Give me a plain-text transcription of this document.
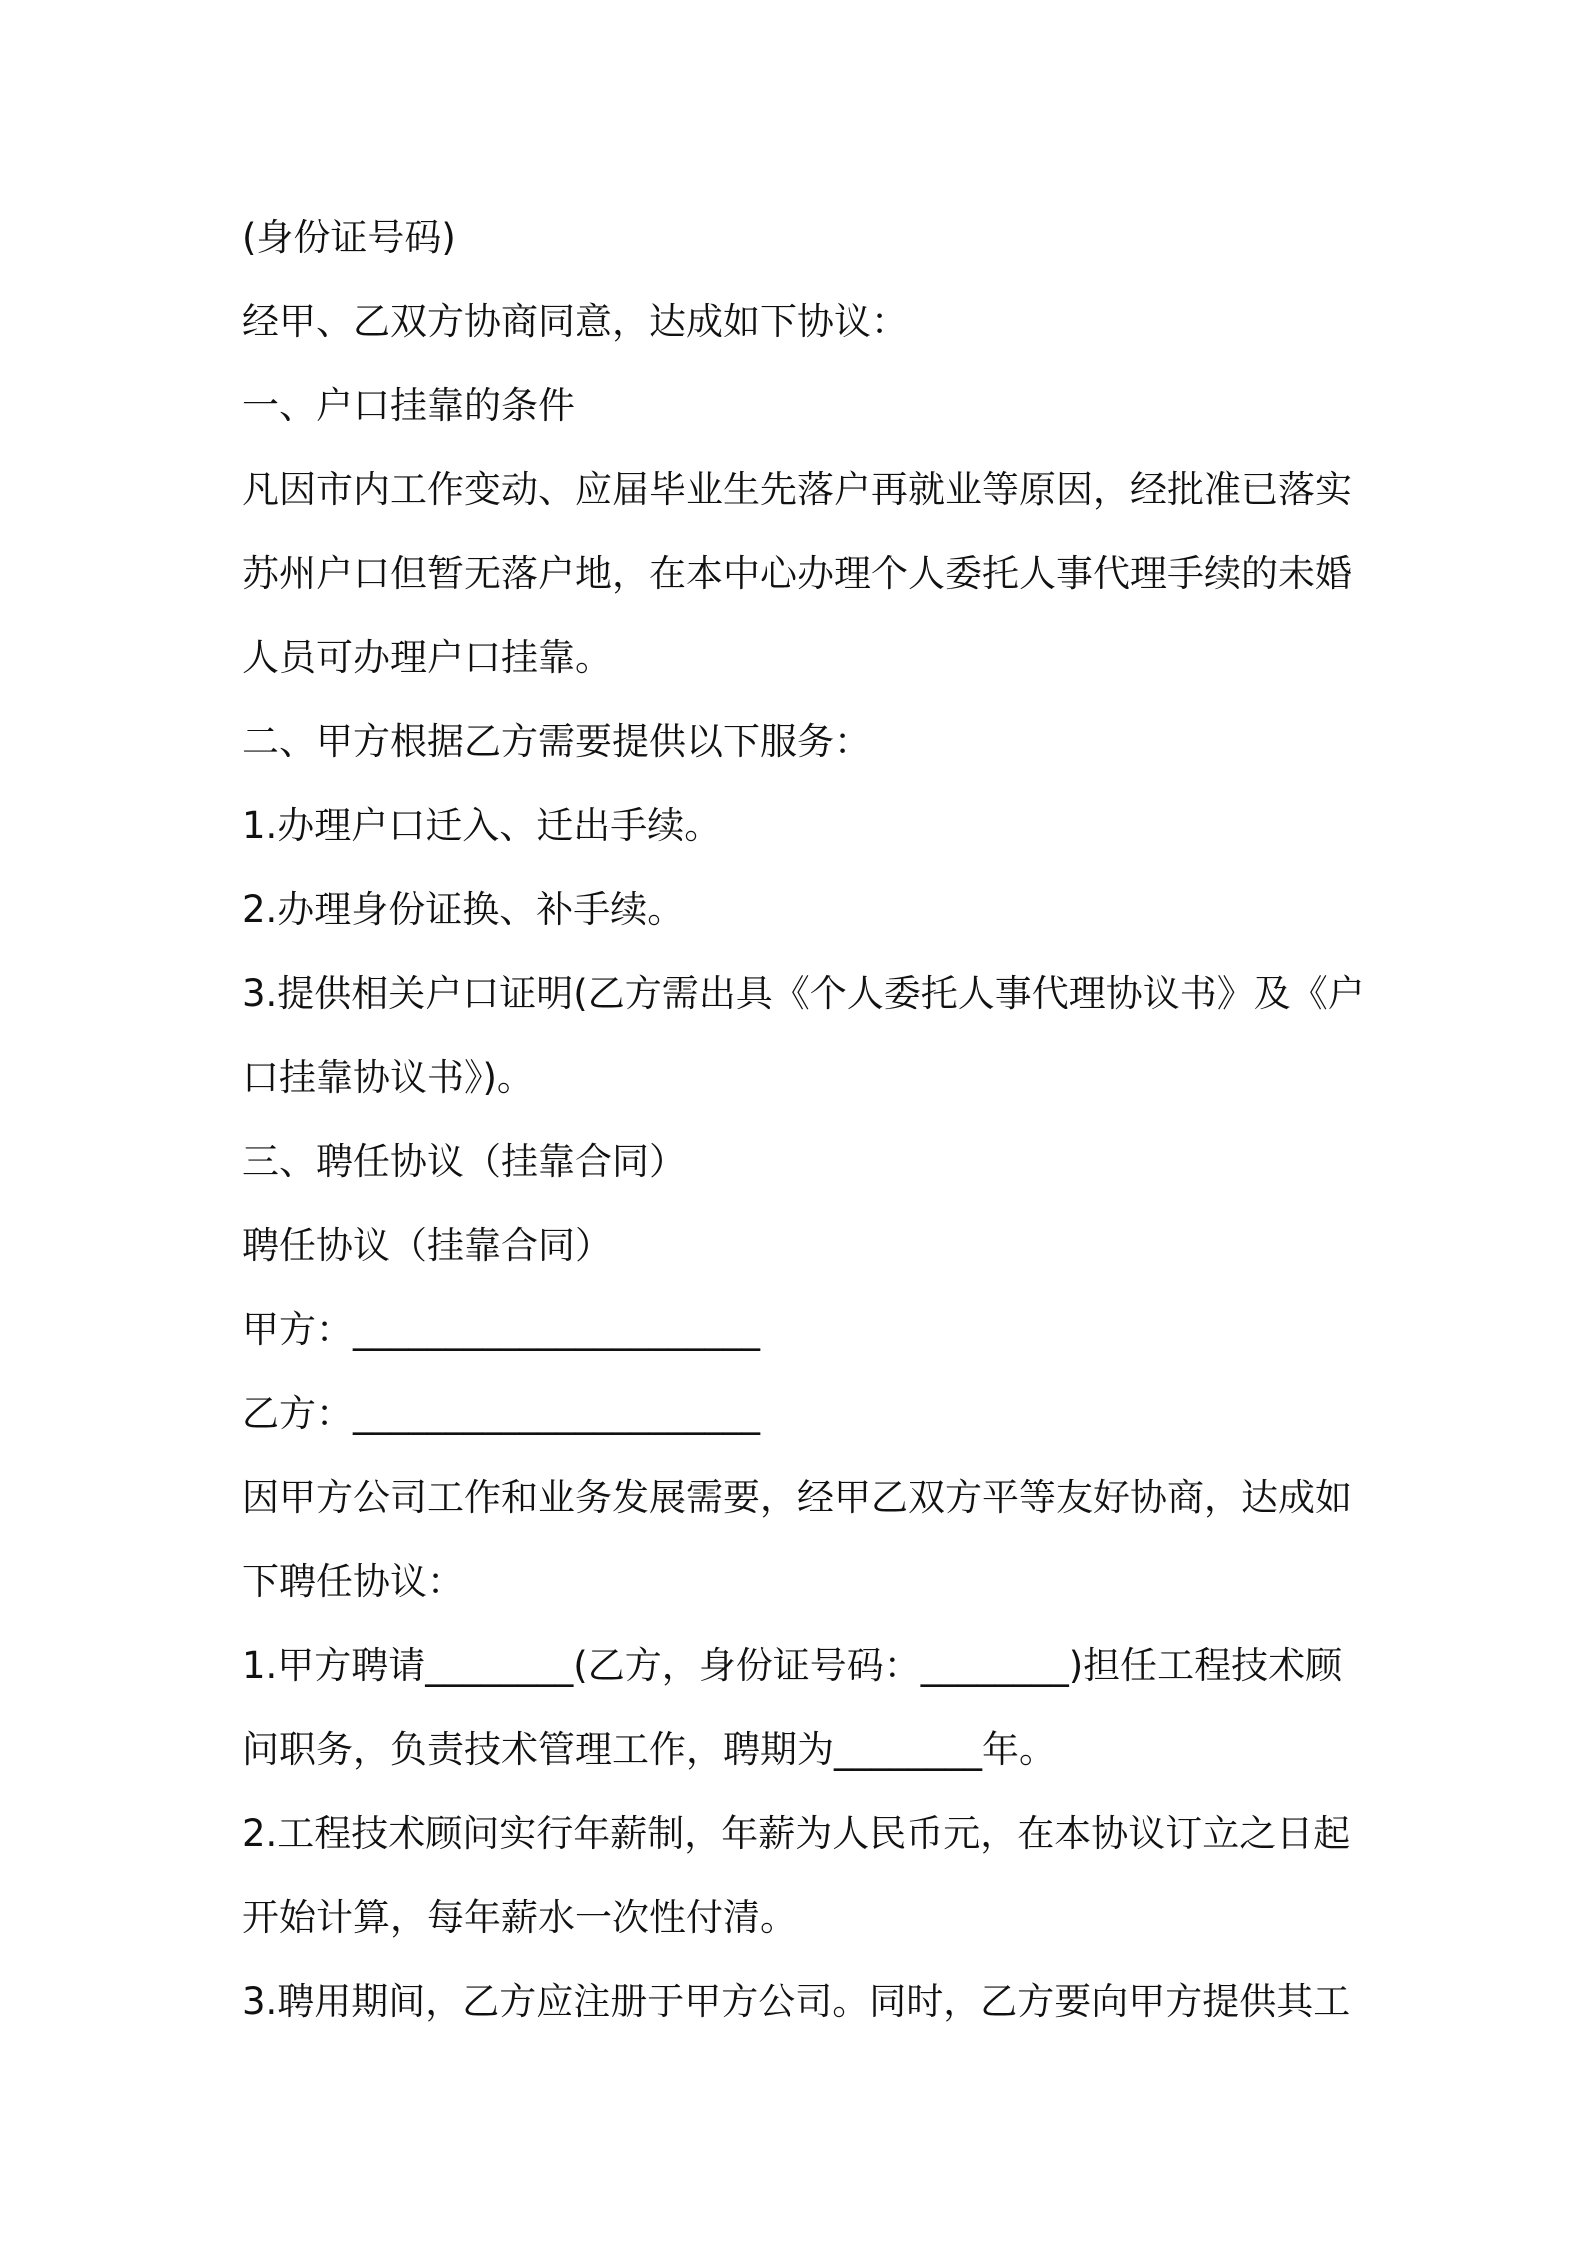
(身份证号码)
经甲、乙双方协商同意，达成如下协议：
一、户口挂靠的条件
凡因市内工作变动、应届毕业生先落户再就业等原因，经批准已落实
苏州户口但暂无落户地，在本中心办理个人委托人事代理手续的未婚
人员可办理户口挂靠。
二、甲方根据乙方需要提供以下服务：
1.办理户口迁入、迁出手续。
2.办理身份证换、补手续。
3.提供相关户口证明(乙方需出具《个人委托人事代理协议书》及《户
口挂靠协议书》)。
三、聘任协议（挂靠合同）
聘任协议（挂靠合同）
甲方：______________________
乙方：______________________
因甲方公司工作和业务发展需要，经甲乙双方平等友好协商，达成如
下聘任协议：
1.甲方聘请________(乙方，身份证号码：________)担任工程技术顾
问职务，负责技术管理工作，聘期为________年。
2.工程技术顾问实行年薪制，年薪为人民币元，在本协议订立之日起
开始计算，每年薪水一次性付清。
3.聘用期间，乙方应注册于甲方公司。同时，乙方要向甲方提供其工
